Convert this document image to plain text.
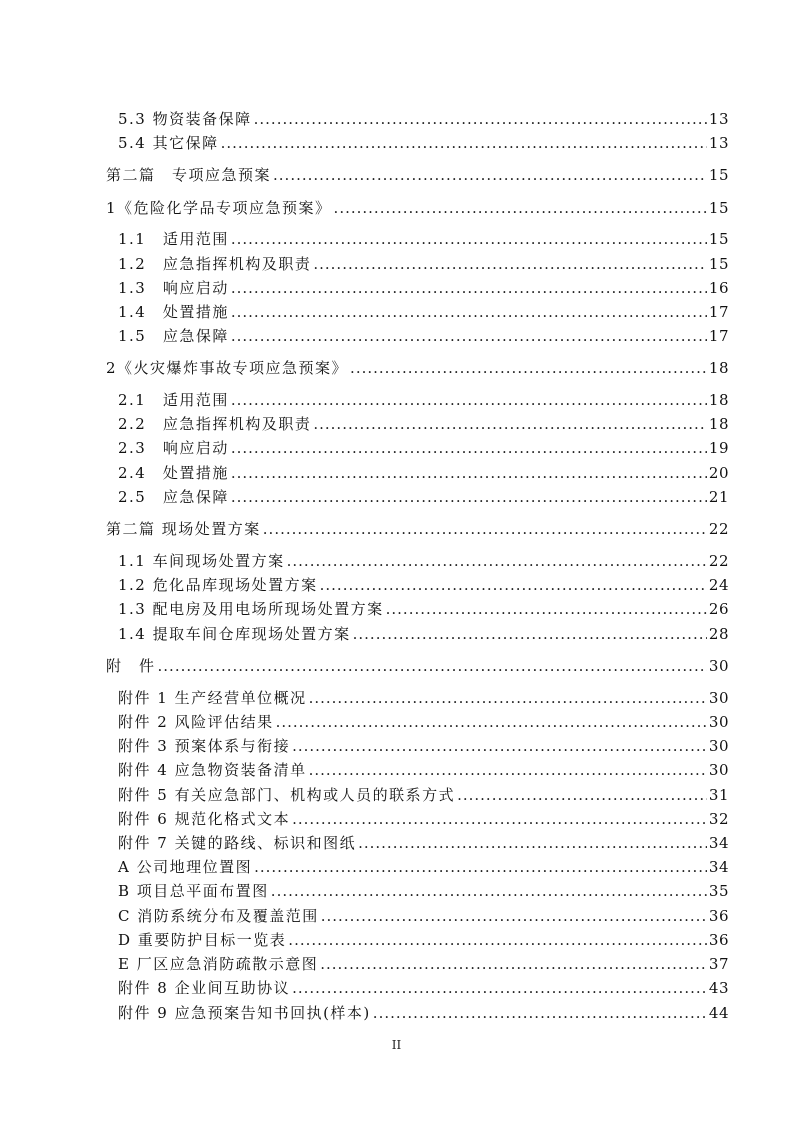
5.3 物资装备保障 .....	13
5.4 其它保障 .....	13
第二篇　专项应急预案 .....	15
1《危险化学品专项应急预案》 .....	15
1.1　适用范围 .....	15
1.2　应急指挥机构及职责 .....	15
1.3　响应启动 .....	16
1.4　处置措施 .....	17
1.5　应急保障 .....	17
2《火灾爆炸事故专项应急预案》 .....	18
2.1　适用范围 .....	18
2.2　应急指挥机构及职责 .....	18
2.3　响应启动 .....	19
2.4　处置措施 .....	20
2.5　应急保障 .....	21
第二篇 现场处置方案 .....	22
1.1 车间现场处置方案 .....	22
1.2 危化品库现场处置方案 .....	24
1.3 配电房及用电场所现场处置方案 .....	26
1.4 提取车间仓库现场处置方案 .....	28
附　件 .....	30
附件 1 生产经营单位概况 .....	30
附件 2 风险评估结果 .....	30
附件 3 预案体系与衔接 .....	30
附件 4 应急物资装备清单 .....	30
附件 5 有关应急部门、机构或人员的联系方式 .....	31
附件 6 规范化格式文本 .....	32
附件 7 关键的路线、标识和图纸 .....	34
A 公司地理位置图 .....	34
B 项目总平面布置图 .....	35
C 消防系统分布及覆盖范围 .....	36
D 重要防护目标一览表 .....	36
E 厂区应急消防疏散示意图 .....	37
附件 8 企业间互助协议 .....	43
附件 9 应急预案告知书回执(样本) .....	44
II
